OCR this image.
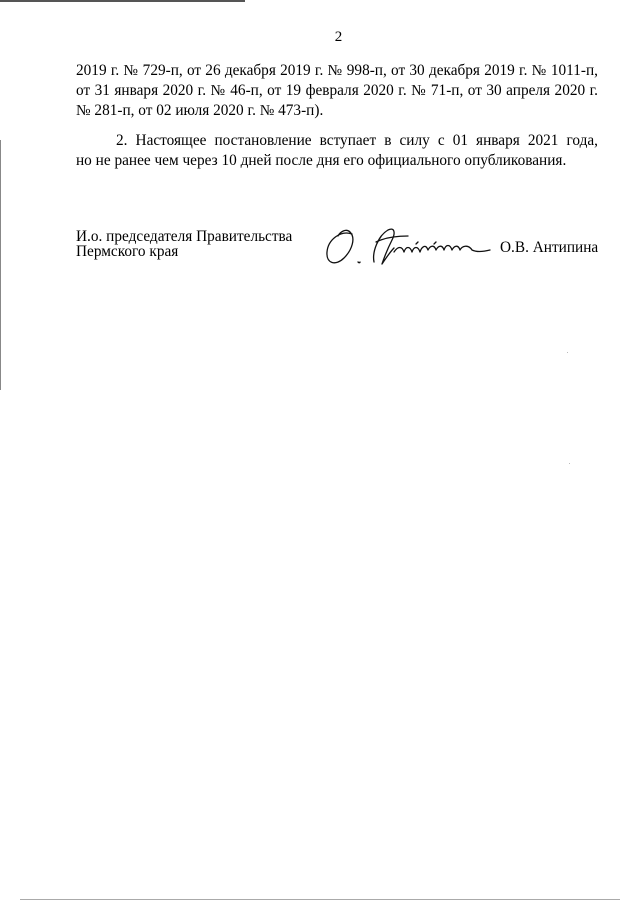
2

2019 г. № 729-п, от 26 декабря 2019 г. № 998-п, от 30 декабря 2019 г. № 1011-п,
от 31 января 2020 г. № 46-п, от 19 февраля 2020 г. № 71-п, от 30 апреля 2020 г.
№ 281-п, от 02 июля 2020 г. № 473-п).

2. Настоящее постановление вступает в силу с 01 января 2021 года,
но не ранее чем через 10 дней после дня его официального опубликования.

И.о. председателя Правительства
Пермского края	О.В. Антипина
